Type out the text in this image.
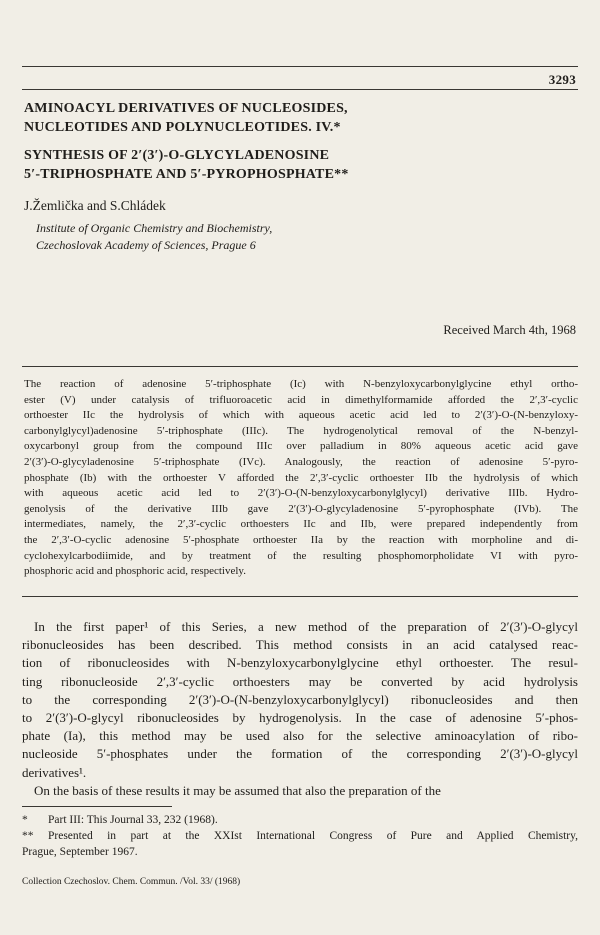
3293
AMINOACYL DERIVATIVES OF NUCLEOSIDES,
NUCLEOTIDES AND POLYNUCLEOTIDES. IV.*
SYNTHESIS OF 2′(3′)-O-GLYCYLADENOSINE
5′-TRIPHOSPHATE AND 5′-PYROPHOSPHATE**
J.Žemlička and S.Chládek
Institute of Organic Chemistry and Biochemistry,
Czechoslovak Academy of Sciences, Prague 6
Received March 4th, 1968
The reaction of adenosine 5′-triphosphate (Ic) with N-benzyloxycarbonylglycine ethyl ortho-
ester (V) under catalysis of trifluoroacetic acid in dimethylformamide afforded the 2′,3′-cyclic
orthoester IIc the hydrolysis of which with aqueous acetic acid led to 2′(3′)-O-(N-benzyloxy-
carbonylglycyl)adenosine 5′-triphosphate (IIIc). The hydrogenolytical removal of the N-benzyl-
oxycarbonyl group from the compound IIIc over palladium in 80% aqueous acetic acid gave
2′(3′)-O-glycyladenosine 5′-triphosphate (IVc). Analogously, the reaction of adenosine 5′-pyro-
phosphate (Ib) with the orthoester V afforded the 2′,3′-cyclic orthoester IIb the hydrolysis of which
with aqueous acetic acid led to 2′(3′)-O-(N-benzyloxycarbonylglycyl) derivative IIIb. Hydro-
genolysis of the derivative IIIb gave 2′(3′)-O-glycyladenosine 5′-pyrophosphate (IVb). The
intermediates, namely, the 2′,3′-cyclic orthoesters IIc and IIb, were prepared independently from
the 2′,3′-O-cyclic adenosine 5′-phosphate orthoester IIa by the reaction with morpholine and di-
cyclohexylcarbodiimide, and by treatment of the resulting phosphomorpholidate VI with pyro-
phosphoric acid and phosphoric acid, respectively.
In the first paper¹ of this Series, a new method of the preparation of 2′(3′)-O-glycyl
ribonucleosides has been described. This method consists in an acid catalysed reac-
tion of ribonucleosides with N-benzyloxycarbonylglycine ethyl orthoester. The resul-
ting ribonucleoside 2′,3′-cyclic orthoesters may be converted by acid hydrolysis
to the corresponding 2′(3′)-O-(N-benzyloxycarbonylglycyl) ribonucleosides and then
to 2′(3′)-O-glycyl ribonucleosides by hydrogenolysis. In the case of adenosine 5′-phos-
phate (Ia), this method may be used also for the selective aminoacylation of ribo-
nucleoside 5′-phosphates under the formation of the corresponding 2′(3′)-O-glycyl
derivatives¹.
On the basis of these results it may be assumed that also the preparation of the
*	Part III: This Journal 33, 232 (1968).
**	Presented in part at the XXIst International Congress of Pure and Applied Chemistry,
Prague, September 1967.
Collection Czechoslov. Chem. Commun. /Vol. 33/ (1968)
